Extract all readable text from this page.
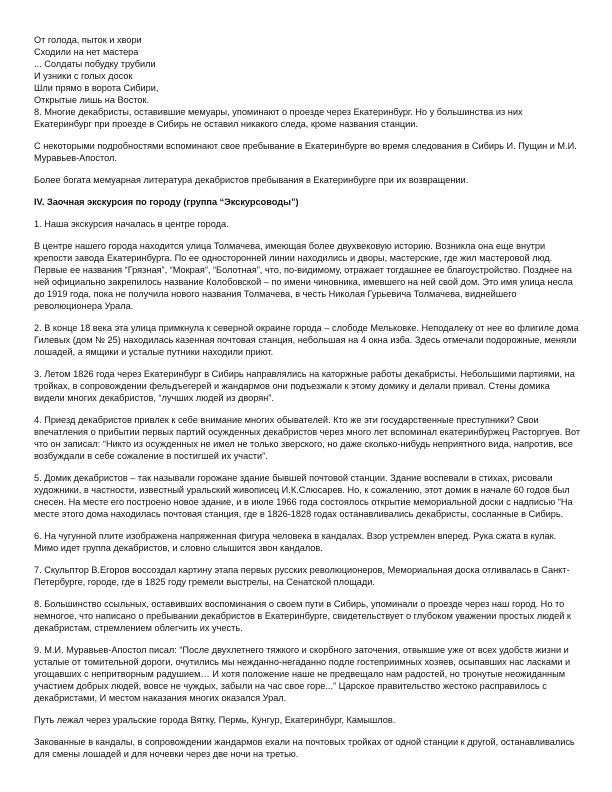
От голода, пыток и хвори
Сходили на нет мастера
... Солдаты побудку трубили
И узники с голых досок
Шли прямо в ворота Сибири,
Открытые лишь на Восток.

8. Многие декабристы, оставившие мемуары, упоминают о проезде через Екатеринбург. Но у большинства из них Екатеринбург при проезде в Сибирь не оставил никакого следа, кроме названия станции.

С некоторыми подробностями вспоминают свое пребывание в Екатеринбурге во время следования в Сибирь И. Пущин и М.И. Муравьев-Апостол.

Более богата мемуарная литература декабристов пребывания в Екатеринбурге при их возвращении.

IV. Заочная экскурсия по городу (группа “Экскурсоводы”)

1. Наша экскурсия началась в центре города.

В центре нашего города находится улица Толмачева, имеющая более двухвековую историю. Возникла она еще внутри крепости завода Екатеринбурга. По ее односторонней линии находились и дворы, мастерские, где жил мастеровой люд. Первые ее названия “Грязная”, “Мокрая”, “Болотная”, что, по-видимому, отражает тогдашнее ее благоустройство. Позднее на ней официально закрепилось название Колобовской – по имени чиновника, имевшего на ней свой дом. Это имя улица несла до 1919 года, пока не получила нового названия Толмачева, в честь Николая Гурьевича Толмачева, виднейшего революционера Урала.

2. В конце 18 века эта улица примкнула к северной окраине города – слободе Мельковке. Неподалеку от нее во флигиле дома Гилевых (дом № 25) находилась казенная почтовая станция, небольшая на 4 окна изба. Здесь отмечали подорожные, меняли лошадей, а ямщики и усталые путники находили приют.

3. Летом 1826 года через Екатеринбург в Сибирь направлялись на каторжные работы декабристы. Небольшими партиями, на тройках, в сопровождении фельдъегерей и жандармов они подъезжали к этому домику и делали привал. Стены домика видели многих декабристов, “лучших людей из дворян”.

4. Приезд декабристов привлек к себе внимание многих обывателей. Кто же эти государственные преступники? Свои впечатления о прибытии первых партий осужденных декабристов через много лет вспоминал екатеринбуржец Расторгуев. Вот что он записал: “Никто из осужденных не имел не только зверского, но даже сколько-нибудь неприятного вида, напротив, все возбуждали в себе сожаление в постигшей их участи”.

5. Домик декабристов – так называли горожане здание бывшей почтовой станции. Здание воспевали в стихах, рисовали художники, в частности, известный уральский живописец И.К.Слюсарев. Но, к сожалению, этот домик в начале 60 годов был снесен. На месте его построено новое здание, и в июле 1966 года состоялось открытие мемориальной доски с надписью “На месте этого дома находилась почтовая станция, где в 1826-1828 годах останавливались декабристы, сосланные в Сибирь.

6. На чугунной плите изображена напряженная фигура человека в кандалах. Взор устремлен вперед. Рука сжата в кулак. Мимо идет группа декабристов, и словно слышится звон кандалов.

7. Скульптор В.Егоров воссоздал картину этапа первых русских революционеров, Мемориальная доска отливалась в Санкт-Петербурге, городе, где в 1825 году гремели выстрелы, на Сенатской площади.

8. Большинство ссыльных, оставивших воспоминания о своем пути в Сибирь, упоминали о проезде через наш город. Но то немногое, что написано о пребывании декабристов в Екатеринбурге, свидетельствует о глубоком уважении простых людей к декабристам, стремлением облегчить их учесть.

9. М.И. Муравьев-Апостол писал: “После двухлетнего тяжкого и скорбного заточения, отвыкшие уже от всех удобств жизни и усталые от томительной дороги, очутились мы нежданно-негаданно подле гостеприимных хозяев, осыпавших нас ласками и угощавших с непритворным радушием… И хотя положение наше не предвещало нам радостей, но тронутые неожиданным участием добрых людей, вовсе не чуждых, забыли на час свое горе...” Царское правительство жестоко расправилось с декабристами, И местом наказания многих оказался Урал.

Путь лежал через уральские города Вятку, Пермь, Кунгур, Екатеринбург, Камышлов.

Закованные в кандалы, в сопровождении жандармов ехали на почтовых тройках от одной станции к другой, останавливались для смены лошадей и для ночевки через две ночи на третью.
